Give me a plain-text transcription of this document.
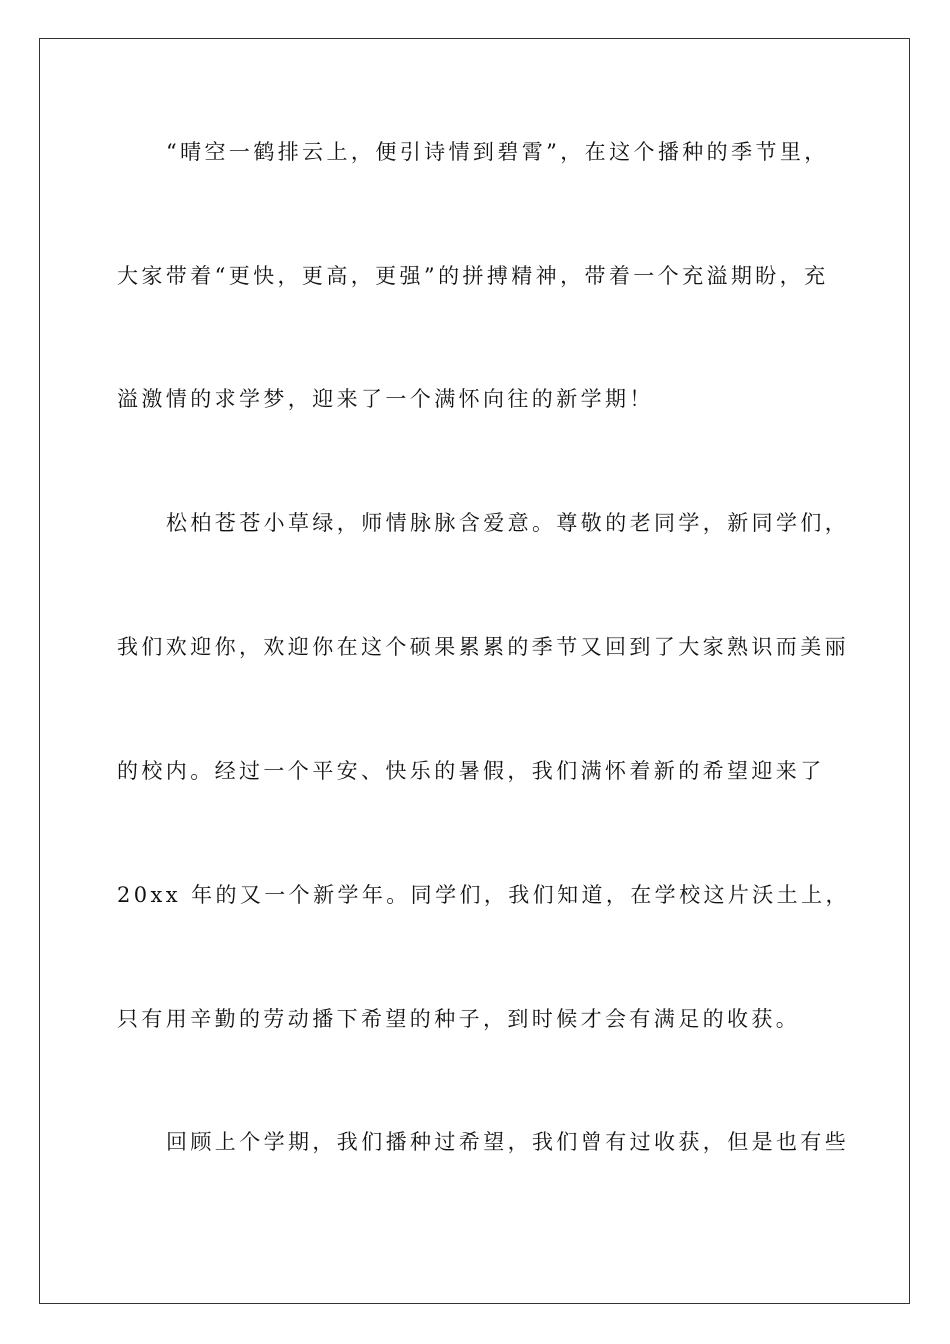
“晴空一鹤排云上，便引诗情到碧霄”，在这个播种的季节里，
大家带着“更快，更高，更强”的拼搏精神，带着一个充溢期盼，充
溢激情的求学梦，迎来了一个满怀向往的新学期！
松柏苍苍小草绿，师情脉脉含爱意。尊敬的老同学，新同学们，
我们欢迎你，欢迎你在这个硕果累累的季节又回到了大家熟识而美丽
的校内。经过一个平安、快乐的暑假，我们满怀着新的希望迎来了
20xx 年的又一个新学年。同学们，我们知道，在学校这片沃土上，
只有用辛勤的劳动播下希望的种子，到时候才会有满足的收获。
回顾上个学期，我们播种过希望，我们曾有过收获，但是也有些
